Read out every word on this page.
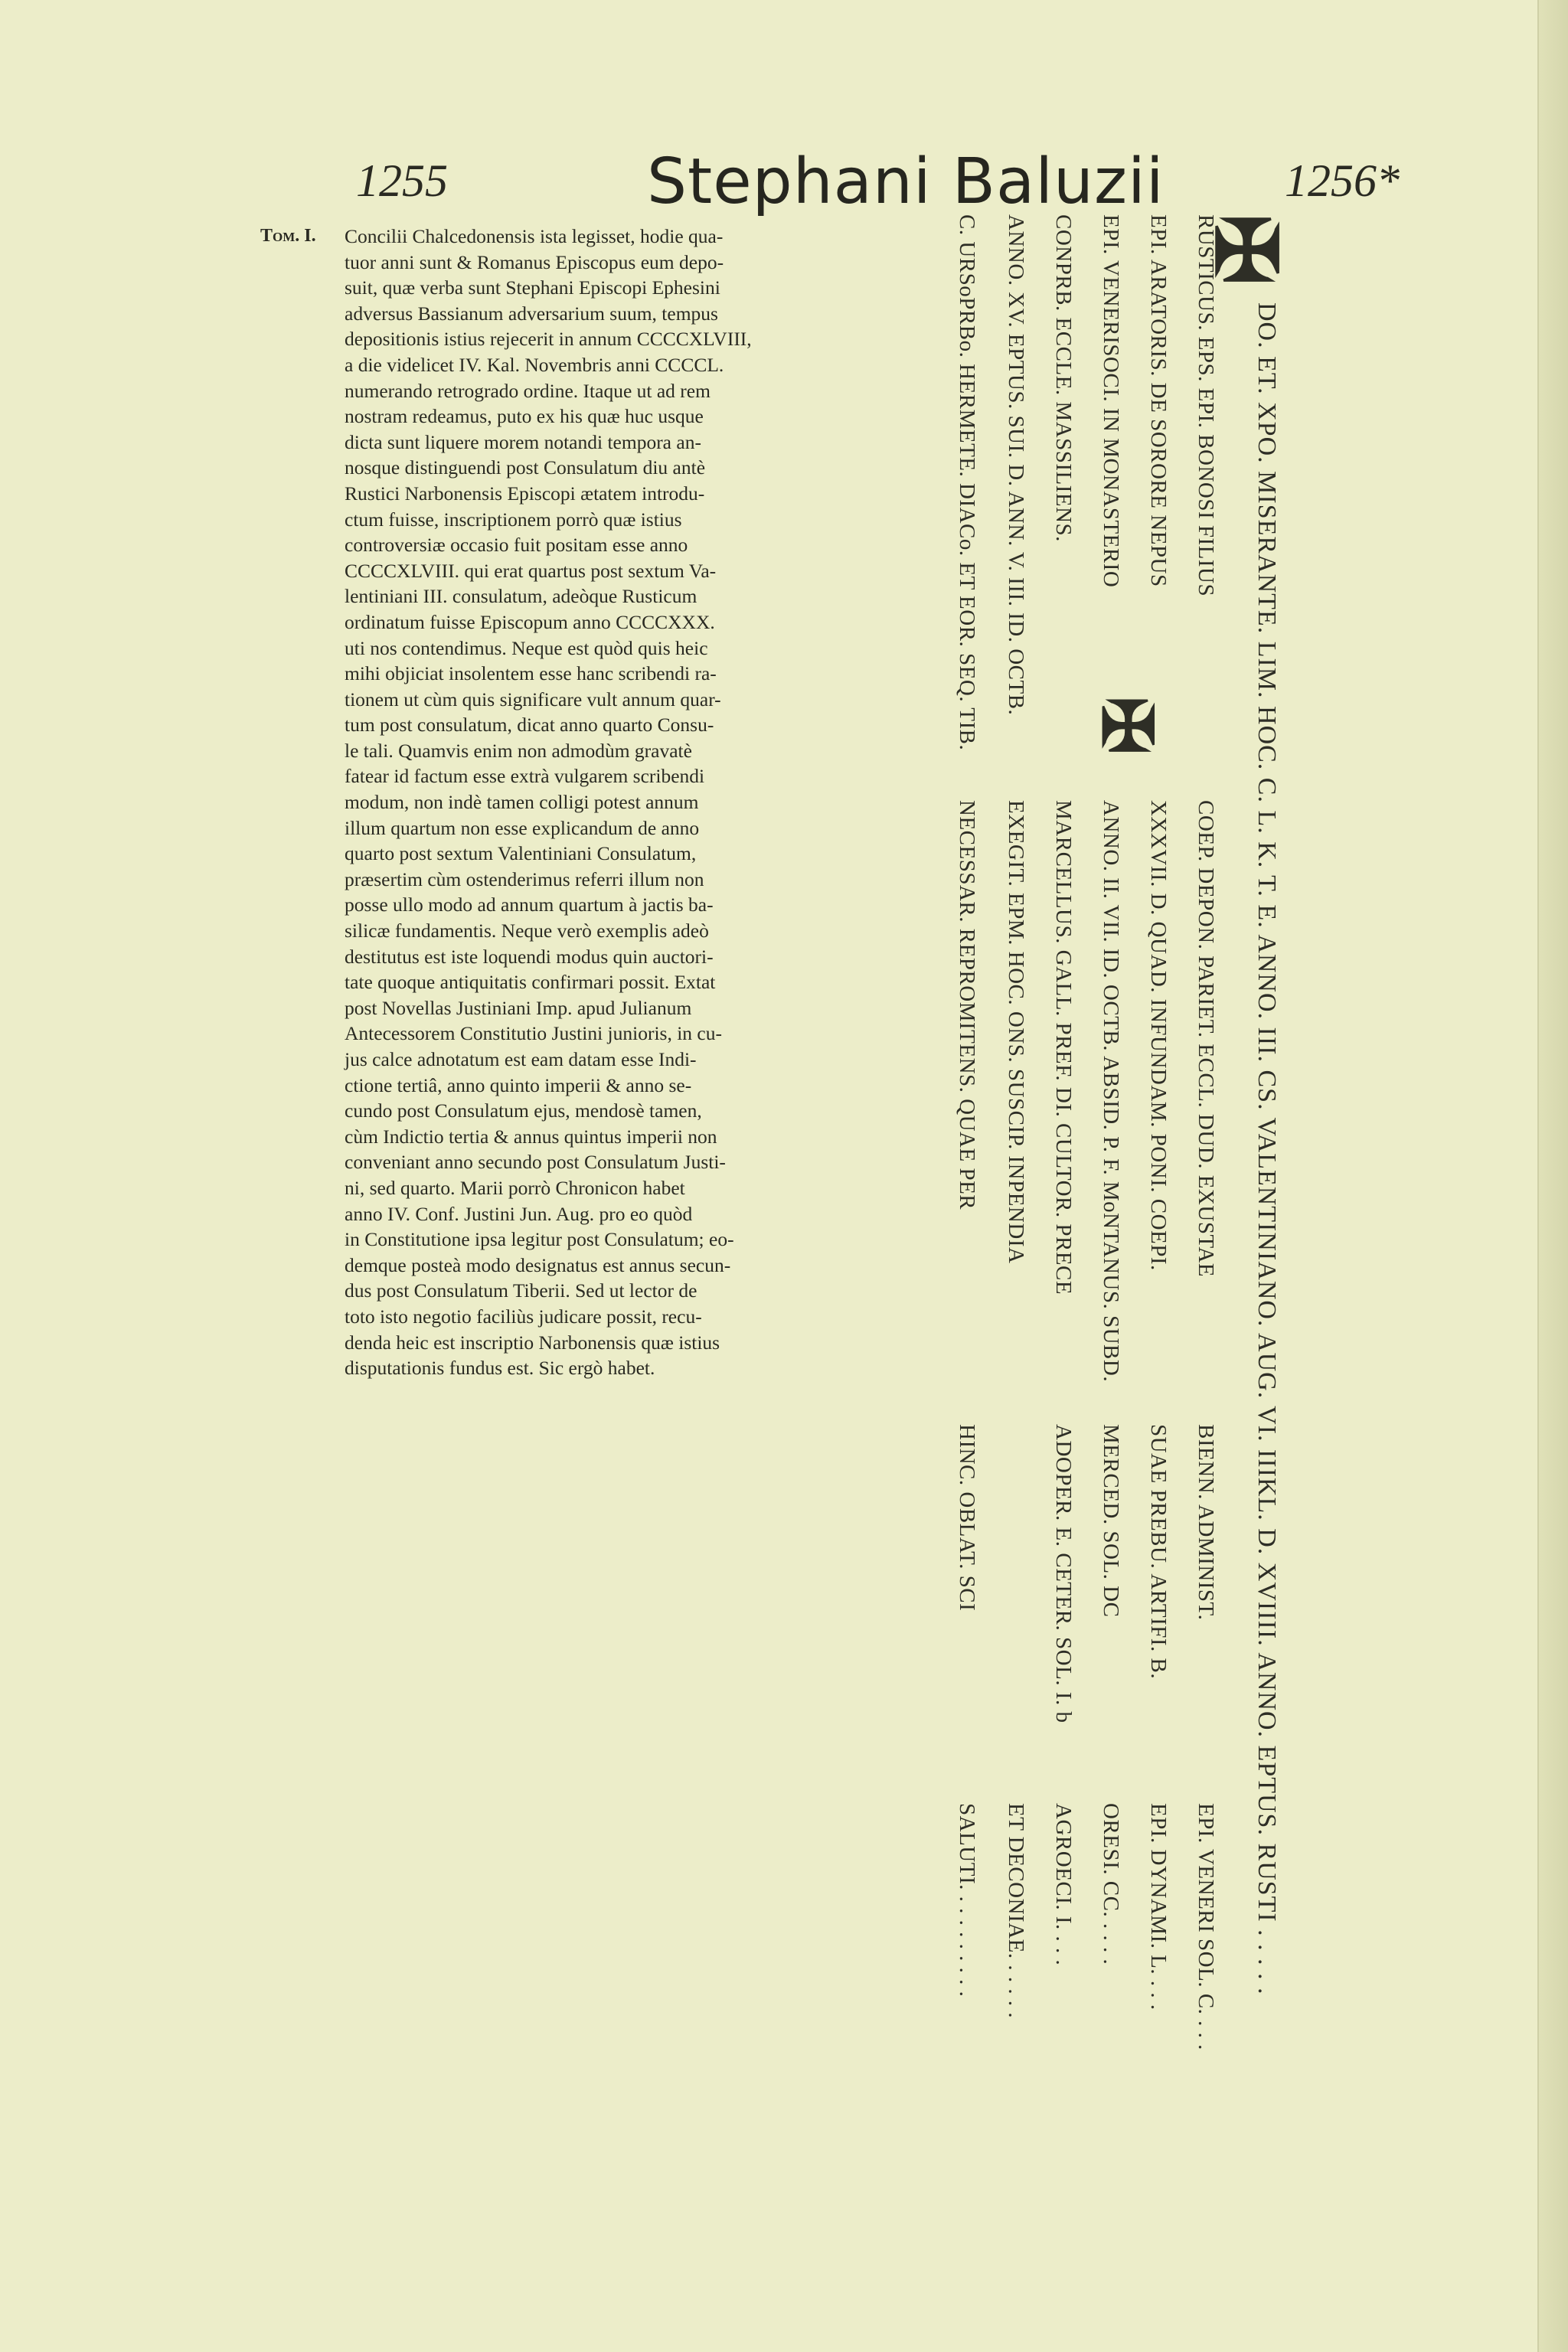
1255	Stephani Baluzii	1256*
Tom. I. Concilii Chalcedonensis ista legisset, hodie qua-

tuor anni sunt & Romanus Episcopus eum depo-

suit, quæ verba sunt Stephani Episcopi Ephesini

adversus Bassianum adversarium suum, tempus

depositionis istius rejecerit in annum CCCCXLVIII,

a die videlicet IV. Kal. Novembris anni CCCCL.

numerando retrogrado ordine. Itaque ut ad rem

nostram redeamus, puto ex his quæ huc usque

dicta sunt liquere morem notandi tempora an-

nosque distinguendi post Consulatum diu antè

Rustici Narbonensis Episcopi ætatem introdu-

ctum fuisse, inscriptionem porrò quæ istius

controversiæ occasio fuit positam esse anno

CCCCXLVIII. qui erat quartus post sextum Va-

lentiniani III. consulatum, adeòque Rusticum

ordinatum fuisse Episcopum anno CCCCXXX.

uti nos contendimus. Neque est quòd quis heic

mihi objiciat insolentem esse hanc scribendi ra-

tionem ut cùm quis significare vult annum quar-

tum post consulatum, dicat anno quarto Consu-

le tali. Quamvis enim non admodùm gravatè

fatear id factum esse extrà vulgarem scribendi

modum, non indè tamen colligi potest annum

illum quartum non esse explicandum de anno

quarto post sextum Valentiniani Consulatum,

præsertim cùm ostenderimus referri illum non

posse ullo modo ad annum quartum à jactis ba-

silicæ fundamentis. Neque verò exemplis adeò

destitutus est iste loquendi modus quin auctori-

tate quoque antiquitatis confirmari possit. Extat

post Novellas Justiniani Imp. apud Julianum

Antecessorem Constitutio Justini junioris, in cu-

jus calce adnotatum est eam datam esse Indi-

ctione tertiâ, anno quinto imperii & anno se-

cundo post Consulatum ejus, mendosè tamen,

cùm Indictio tertia & annus quintus imperii non

conveniant anno secundo post Consulatum Justi-

ni, sed quarto. Marii porrò Chronicon habet

anno IV. Conf. Justini Jun. Aug. pro eo quòd

in Constitutione ipsa legitur post Consulatum; eo-

demque posteà modo designatus est annus secun-

dus post Consulatum Tiberii. Sed ut lector de

toto isto negotio faciliùs judicare possit, recu-

denda heic est inscriptio Narbonensis quæ istius

disputationis fundus est. Sic ergò habet.

✠
DO. ET. XPO. MISERANTE. LIM. HOC. C. L. K. T. E. ANNO. III. CS. VALENTINIANO. AUG. VI. IIIKL. D. XVIIII. ANNO. EPTUS. RUSTI . . . . .
✠
RUSTICUS. EPS. EPI. BONOSI FILIUS
EPI. ARATORIS. DE SORORE NEPUS
EPI. VENERISOCI. IN MONASTERIO
CONPRB. ECCLE. MASSILIENS.
ANNO. XV. EPTUS. SUI. D. ANN. V. III. ID. OCTB.
C. URSoPRBo. HERMETE. DIACo. ET EOR. SEQ. TIB.
COEP. DEPON. PARIET. ECCL. DUD. EXUSTAE
XXXVII. D. QUAD. INFUNDAM. PONI. COEPI.
ANNO. II. VII. ID. OCTB. ABSID. P. F. MoNTANUS. SUBD.
MARCELLUS. GALL. PREF. DI. CULTOR. PRECE
EXEGIT. EPM. HOC. ONS. SUSCIP. INPENDIA
NECESSAR. REPROMITENS. QUAE PER
BIENN. ADMINIST.
SUAE PREBU. ARTIFI. B.
MERCED. SOL. DC
ADOPER. E. CETER. SOL. I. b
HINC. OBLAT. SCI
EPI. VENERI SOL. C. . . .
EPI. DYNAMI. L. . . .
ORESI. CC. . . . .
AGROECI. I. . . .
ET DECONIAE. . . . . .
SALUTI. . . . . . . . . .
